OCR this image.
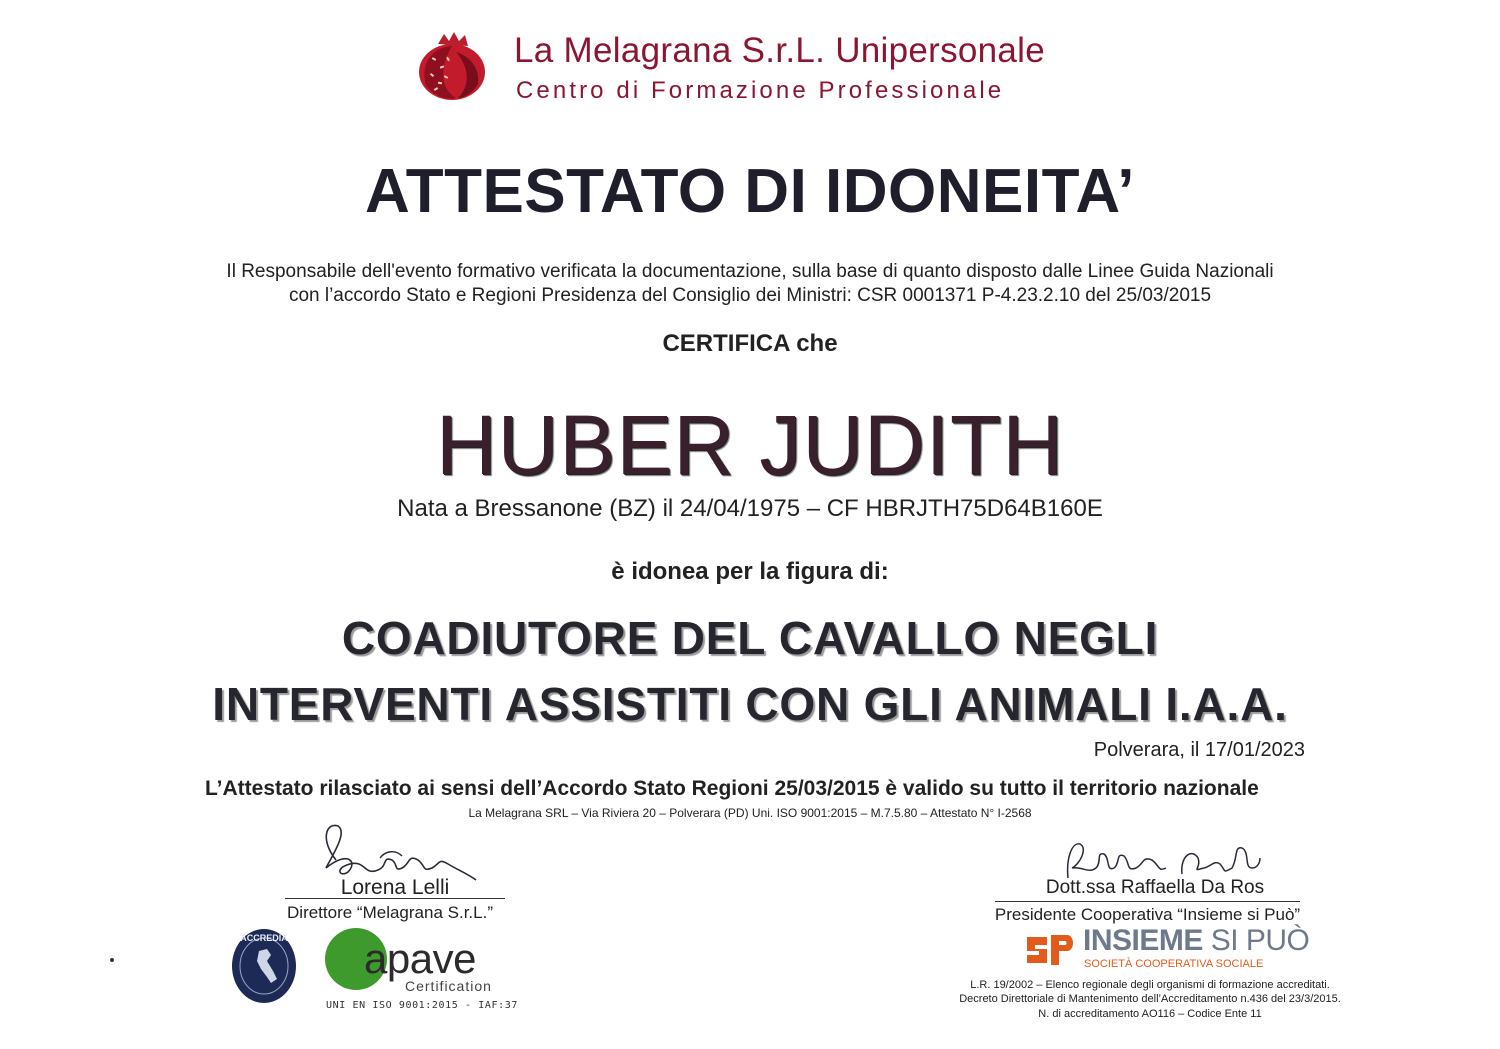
La Melagrana S.r.L. Unipersonale
Centro di Formazione Professionale
ATTESTATO DI IDONEITA’
Il Responsabile dell'evento formativo verificata la documentazione, sulla base di quanto disposto dalle Linee Guida Nazionali
con l’accordo Stato e Regioni Presidenza del Consiglio dei Ministri: CSR 0001371 P-4.23.2.10 del 25/03/2015
CERTIFICA che
HUBER JUDITH
Nata a Bressanone (BZ) il 24/04/1975 – CF HBRJTH75D64B160E
è idonea per la figura di:
COADIUTORE DEL CAVALLO NEGLI
INTERVENTI ASSISTITI CON GLI ANIMALI I.A.A.
Polverara, il 17/01/2023
L’Attestato rilasciato ai sensi dell’Accordo Stato Regioni 25/03/2015 è valido su tutto il territorio nazionale
La Melagrana SRL – Via Riviera 20 – Polverara (PD) Uni. ISO 9001:2015 – M.7.5.80 – Attestato N° I-2568
Lorena Lelli
Direttore “Melagrana S.r.L.”
Dott.ssa Raffaella Da Ros
Presidente Cooperativa “Insieme si Può”
ACCREDIA apave
Certification
UNI EN ISO 9001:2015 - IAF:37
INSIEME SI PUÒ
SOCIETÀ COOPERATIVA SOCIALE
L.R. 19/2002 – Elenco regionale degli organismi di formazione accreditati.
Decreto Direttoriale di Mantenimento dell’Accreditamento n.436 del 23/3/2015.
N. di accreditamento AO116 – Codice Ente 11
